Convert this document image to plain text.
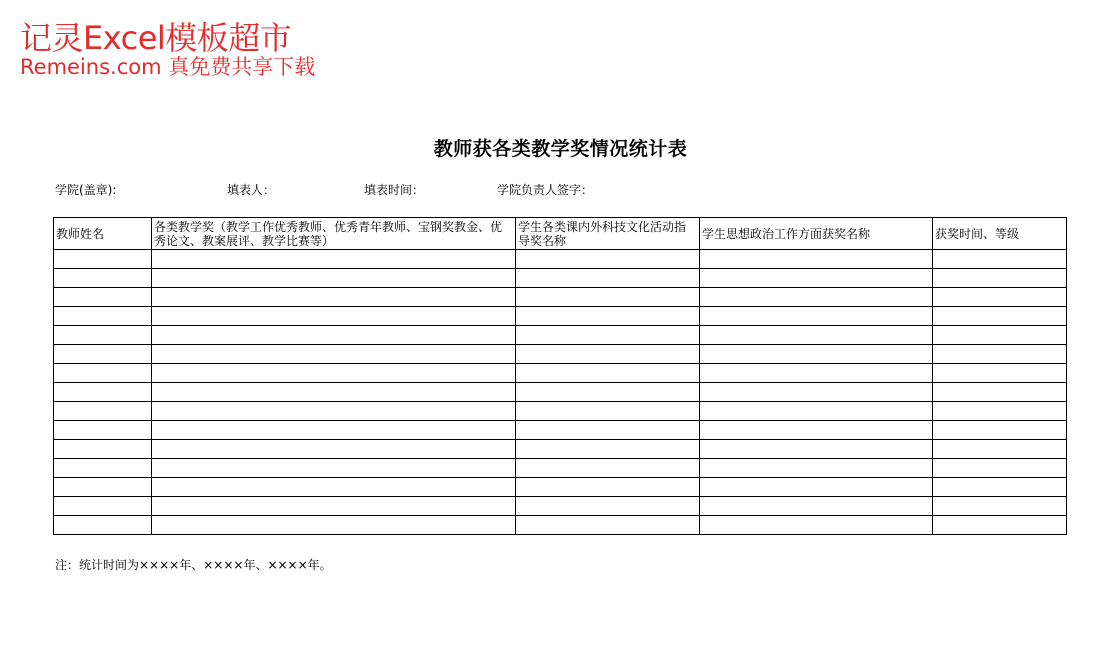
记灵Excel模板超市
Remeins.com 真免费共享下载
教师获各类教学奖情况统计表
学院(盖章):	填表人：	填表时间：	学院负责人签字：
教师姓名	各类教学奖（教学工作优秀教师、优秀青年教师、宝钢奖教金、优秀论文、教案展评、教学比赛等）	学生各类课内外科技文化活动指导奖名称	学生思想政治工作方面获奖名称	获奖时间、等级

注：统计时间为××××年、××××年、××××年。
